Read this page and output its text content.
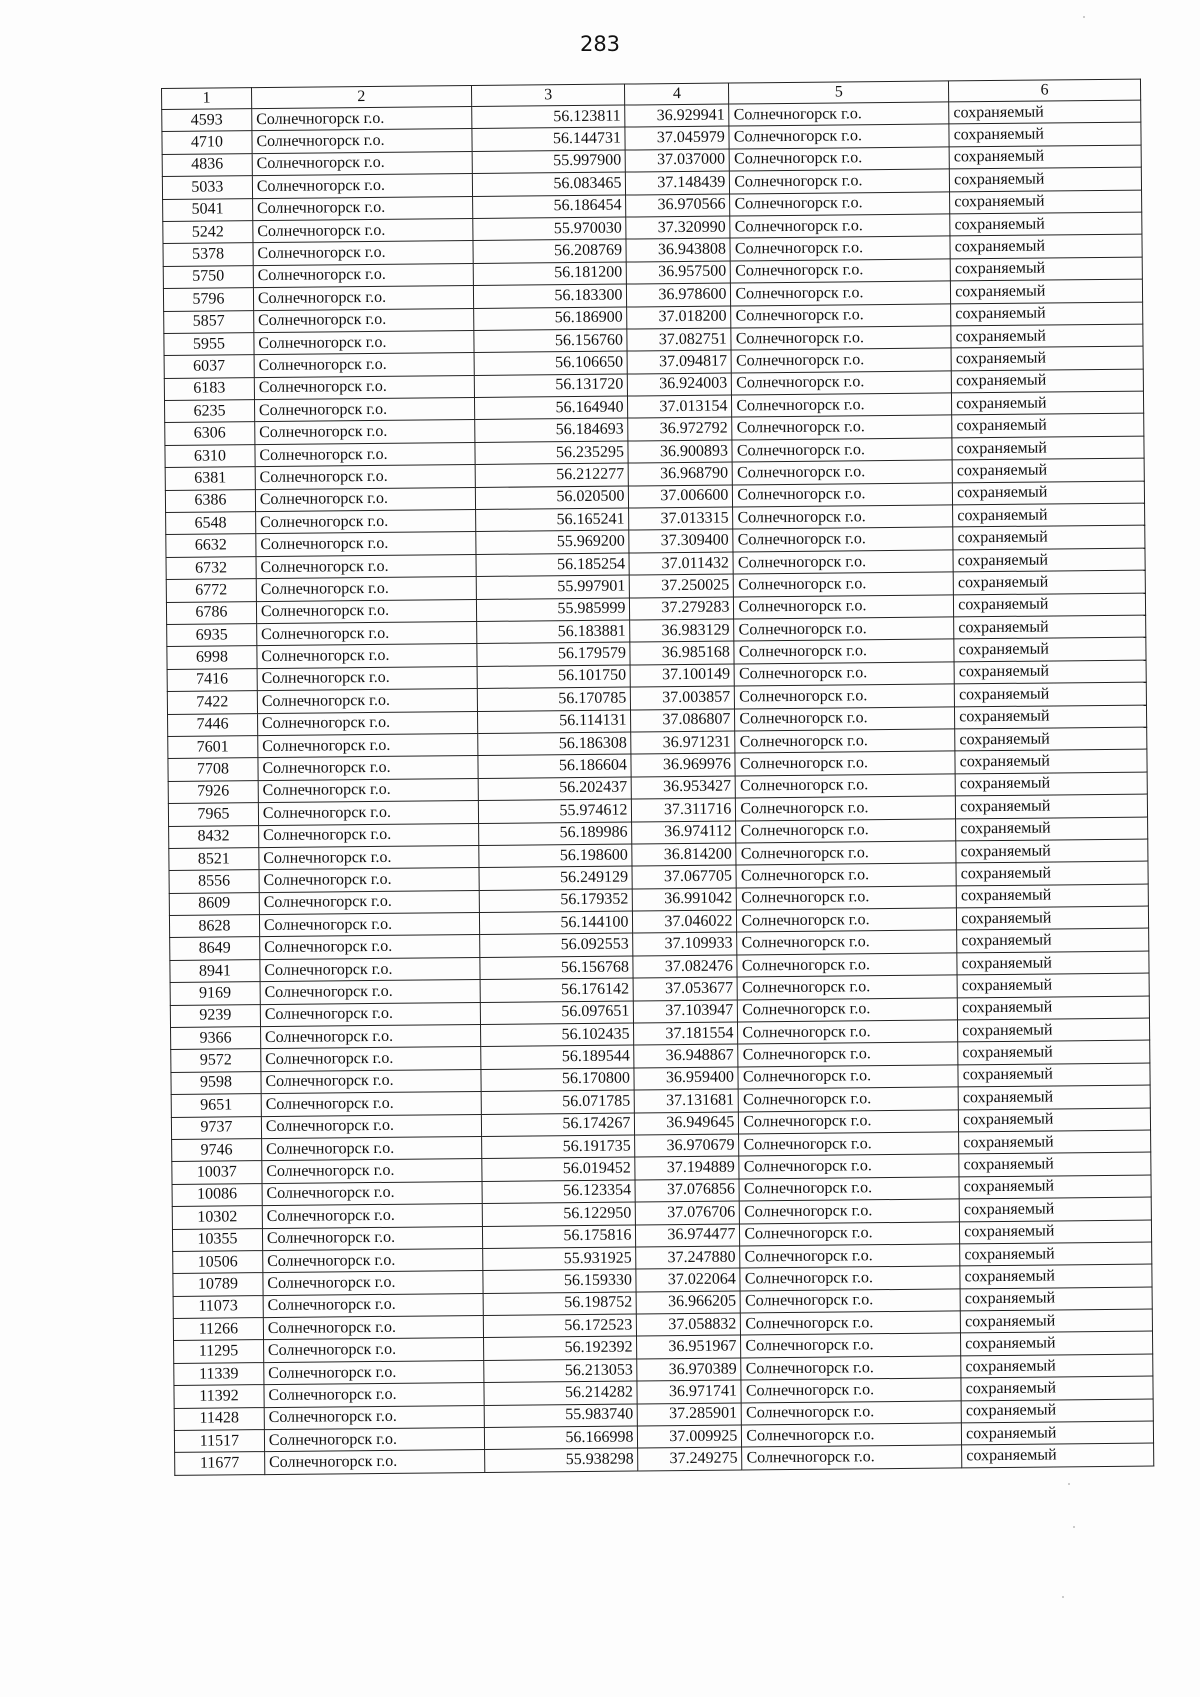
283
1	2	3	4	5	6
4593	Солнечногорск г.о.	56.123811	36.929941	Солнечногорск г.о.	сохраняемый
4710	Солнечногорск г.о.	56.144731	37.045979	Солнечногорск г.о.	сохраняемый
4836	Солнечногорск г.о.	55.997900	37.037000	Солнечногорск г.о.	сохраняемый
5033	Солнечногорск г.о.	56.083465	37.148439	Солнечногорск г.о.	сохраняемый
5041	Солнечногорск г.о.	56.186454	36.970566	Солнечногорск г.о.	сохраняемый
5242	Солнечногорск г.о.	55.970030	37.320990	Солнечногорск г.о.	сохраняемый
5378	Солнечногорск г.о.	56.208769	36.943808	Солнечногорск г.о.	сохраняемый
5750	Солнечногорск г.о.	56.181200	36.957500	Солнечногорск г.о.	сохраняемый
5796	Солнечногорск г.о.	56.183300	36.978600	Солнечногорск г.о.	сохраняемый
5857	Солнечногорск г.о.	56.186900	37.018200	Солнечногорск г.о.	сохраняемый
5955	Солнечногорск г.о.	56.156760	37.082751	Солнечногорск г.о.	сохраняемый
6037	Солнечногорск г.о.	56.106650	37.094817	Солнечногорск г.о.	сохраняемый
6183	Солнечногорск г.о.	56.131720	36.924003	Солнечногорск г.о.	сохраняемый
6235	Солнечногорск г.о.	56.164940	37.013154	Солнечногорск г.о.	сохраняемый
6306	Солнечногорск г.о.	56.184693	36.972792	Солнечногорск г.о.	сохраняемый
6310	Солнечногорск г.о.	56.235295	36.900893	Солнечногорск г.о.	сохраняемый
6381	Солнечногорск г.о.	56.212277	36.968790	Солнечногорск г.о.	сохраняемый
6386	Солнечногорск г.о.	56.020500	37.006600	Солнечногорск г.о.	сохраняемый
6548	Солнечногорск г.о.	56.165241	37.013315	Солнечногорск г.о.	сохраняемый
6632	Солнечногорск г.о.	55.969200	37.309400	Солнечногорск г.о.	сохраняемый
6732	Солнечногорск г.о.	56.185254	37.011432	Солнечногорск г.о.	сохраняемый
6772	Солнечногорск г.о.	55.997901	37.250025	Солнечногорск г.о.	сохраняемый
6786	Солнечногорск г.о.	55.985999	37.279283	Солнечногорск г.о.	сохраняемый
6935	Солнечногорск г.о.	56.183881	36.983129	Солнечногорск г.о.	сохраняемый
6998	Солнечногорск г.о.	56.179579	36.985168	Солнечногорск г.о.	сохраняемый
7416	Солнечногорск г.о.	56.101750	37.100149	Солнечногорск г.о.	сохраняемый
7422	Солнечногорск г.о.	56.170785	37.003857	Солнечногорск г.о.	сохраняемый
7446	Солнечногорск г.о.	56.114131	37.086807	Солнечногорск г.о.	сохраняемый
7601	Солнечногорск г.о.	56.186308	36.971231	Солнечногорск г.о.	сохраняемый
7708	Солнечногорск г.о.	56.186604	36.969976	Солнечногорск г.о.	сохраняемый
7926	Солнечногорск г.о.	56.202437	36.953427	Солнечногорск г.о.	сохраняемый
7965	Солнечногорск г.о.	55.974612	37.311716	Солнечногорск г.о.	сохраняемый
8432	Солнечногорск г.о.	56.189986	36.974112	Солнечногорск г.о.	сохраняемый
8521	Солнечногорск г.о.	56.198600	36.814200	Солнечногорск г.о.	сохраняемый
8556	Солнечногорск г.о.	56.249129	37.067705	Солнечногорск г.о.	сохраняемый
8609	Солнечногорск г.о.	56.179352	36.991042	Солнечногорск г.о.	сохраняемый
8628	Солнечногорск г.о.	56.144100	37.046022	Солнечногорск г.о.	сохраняемый
8649	Солнечногорск г.о.	56.092553	37.109933	Солнечногорск г.о.	сохраняемый
8941	Солнечногорск г.о.	56.156768	37.082476	Солнечногорск г.о.	сохраняемый
9169	Солнечногорск г.о.	56.176142	37.053677	Солнечногорск г.о.	сохраняемый
9239	Солнечногорск г.о.	56.097651	37.103947	Солнечногорск г.о.	сохраняемый
9366	Солнечногорск г.о.	56.102435	37.181554	Солнечногорск г.о.	сохраняемый
9572	Солнечногорск г.о.	56.189544	36.948867	Солнечногорск г.о.	сохраняемый
9598	Солнечногорск г.о.	56.170800	36.959400	Солнечногорск г.о.	сохраняемый
9651	Солнечногорск г.о.	56.071785	37.131681	Солнечногорск г.о.	сохраняемый
9737	Солнечногорск г.о.	56.174267	36.949645	Солнечногорск г.о.	сохраняемый
9746	Солнечногорск г.о.	56.191735	36.970679	Солнечногорск г.о.	сохраняемый
10037	Солнечногорск г.о.	56.019452	37.194889	Солнечногорск г.о.	сохраняемый
10086	Солнечногорск г.о.	56.123354	37.076856	Солнечногорск г.о.	сохраняемый
10302	Солнечногорск г.о.	56.122950	37.076706	Солнечногорск г.о.	сохраняемый
10355	Солнечногорск г.о.	56.175816	36.974477	Солнечногорск г.о.	сохраняемый
10506	Солнечногорск г.о.	55.931925	37.247880	Солнечногорск г.о.	сохраняемый
10789	Солнечногорск г.о.	56.159330	37.022064	Солнечногорск г.о.	сохраняемый
11073	Солнечногорск г.о.	56.198752	36.966205	Солнечногорск г.о.	сохраняемый
11266	Солнечногорск г.о.	56.172523	37.058832	Солнечногорск г.о.	сохраняемый
11295	Солнечногорск г.о.	56.192392	36.951967	Солнечногорск г.о.	сохраняемый
11339	Солнечногорск г.о.	56.213053	36.970389	Солнечногорск г.о.	сохраняемый
11392	Солнечногорск г.о.	56.214282	36.971741	Солнечногорск г.о.	сохраняемый
11428	Солнечногорск г.о.	55.983740	37.285901	Солнечногорск г.о.	сохраняемый
11517	Солнечногорск г.о.	56.166998	37.009925	Солнечногорск г.о.	сохраняемый
11677	Солнечногорск г.о.	55.938298	37.249275	Солнечногорск г.о.	сохраняемый
